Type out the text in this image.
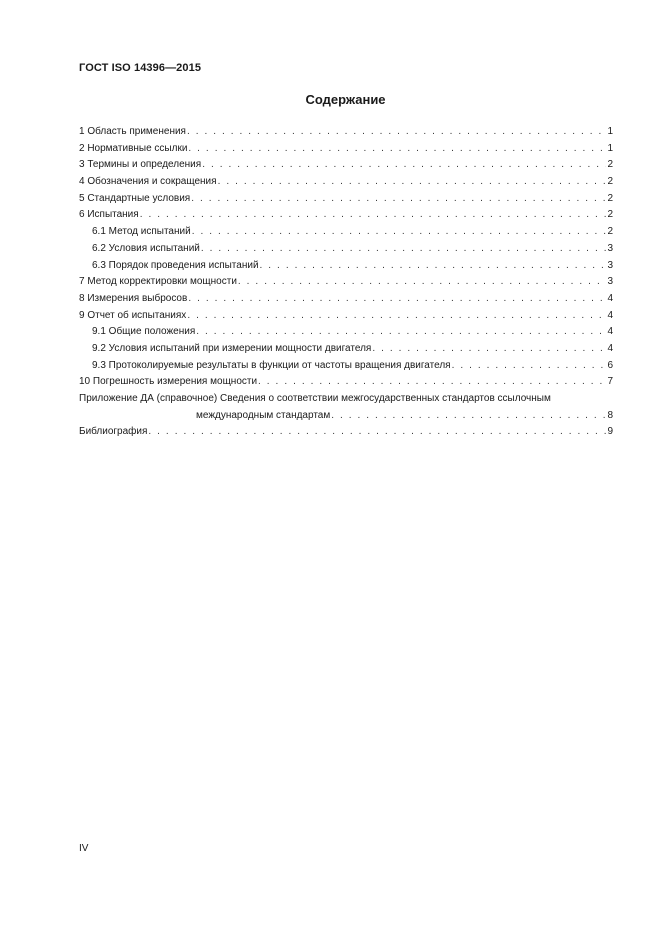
ГОСТ ISO 14396—2015
Содержание
1 Область применения . . .	1
2 Нормативные ссылки . . .	1
3 Термины и определения . . .	2
4 Обозначения и сокращения . . .	2
5 Стандартные условия . . .	2
6 Испытания . . .	2
6.1 Метод испытаний . . .	2
6.2 Условия испытаний . . .	3
6.3 Порядок проведения испытаний . . .	3
7 Метод корректировки мощности . . .	3
8 Измерения выбросов . . .	4
9 Отчет об испытаниях . . .	4
9.1 Общие положения . . .	4
9.2 Условия испытаний при измерении мощности двигателя . . .	4
9.3 Протоколируемые результаты в функции от частоты вращения двигателя . . .	6
10 Погрешность измерения мощности . . .	7
Приложение ДА (справочное) Сведения о соответствии межгосударственных стандартов ссылочным
международным стандартам . . .	8
Библиография . . .	9
IV
